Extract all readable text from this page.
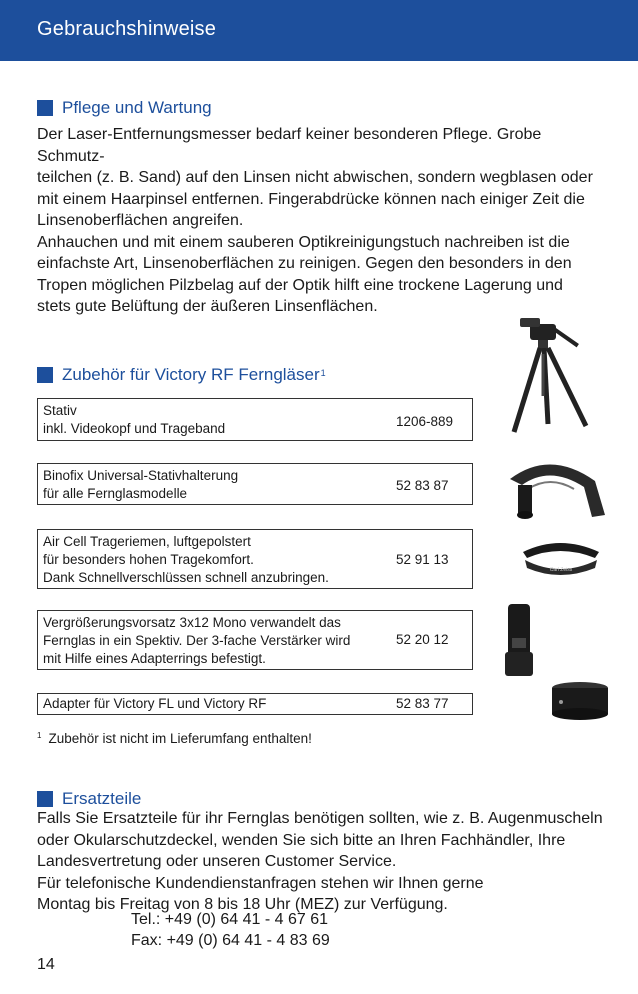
Gebrauchshinweise
Pflege und Wartung

Der Laser-Entfernungsmesser bedarf keiner besonderen Pflege. Grobe Schmutz-

teilchen (z. B. Sand) auf den Linsen nicht abwischen, sondern wegblasen oder

mit einem Haarpinsel entfernen. Fingerabdrücke können nach einiger Zeit die

Linsenoberflächen angreifen.

Anhauchen und mit einem sauberen Optikreinigungstuch nachreiben ist die

einfachste Art, Linsenoberflächen zu reinigen. Gegen den besonders in den

Tropen möglichen Pilzbelag auf der Optik hilft eine trockene Lagerung und

stets gute Belüftung der äußeren Linsenflächen.

Zubehör für Victory RF Ferngläser 1
Stativ
inkl. Videokopf und Trageband	1206-889
Binofix Universal-Stativhalterung
für alle Fernglasmodelle
52 83 87
Air Cell Trageriemen, luftgepolstert
für besonders hohen Tragekomfort.
Dank Schnellverschlüssen schnell anzubringen.
52 91 13
Vergrößerungsvorsatz 3x12 Mono verwandelt das
Fernglas in ein Spektiv. Der 3-fache Verstärker wird
mit Hilfe eines Adapterrings befestigt.
52 20 12
Adapter für Victory FL und Victory RF	52 83 77
$^1$ Zubehör ist nicht im Lieferumfang enthalten!
Carl Zeiss
Ersatzteile

Falls Sie Ersatzteile für ihr Fernglas benötigen sollten, wie z. B. Augenmuscheln

oder Okularschutzdeckel, wenden Sie sich bitte an Ihren Fachhändler, Ihre

Landesvertretung oder unseren Customer Service.

Für telefonische Kundendienstanfragen stehen wir Ihnen gerne

Montag bis Freitag von 8 bis 18 Uhr (MEZ) zur Verfügung.

Tel.: +49 (0) 64 41 - 4 67 61
Fax: +49 (0) 64 41 - 4 83 69
14
